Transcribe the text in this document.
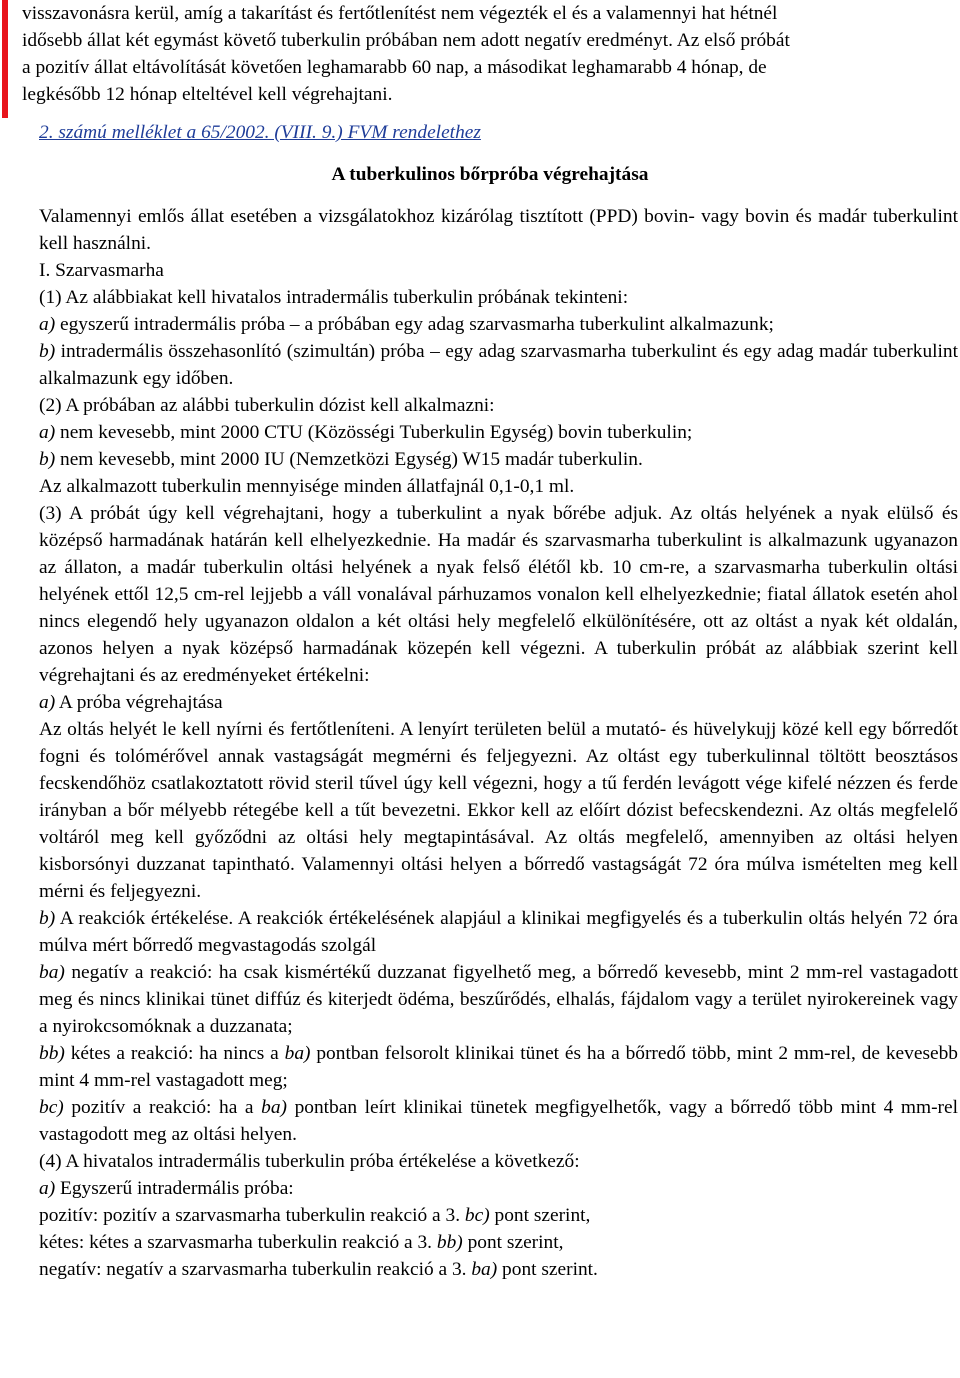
visszavonásra kerül, amíg a takarítást és fertőtlenítést nem végezték el és a valamennyi hat hétnél

idősebb állat két egymást követő tuberkulin próbában nem adott negatív eredményt. Az első próbát

a pozitív állat eltávolítását követően leghamarabb 60 nap, a másodikat leghamarabb 4 hónap, de

legkésőbb 12 hónap elteltével kell végrehajtani.

2. számú melléklet a 65/2002. (VIII. 9.) FVM rendelethez

A tuberkulinos bőrpróba végrehajtása

Valamennyi emlős állat esetében a vizsgálatokhoz kizárólag tisztított (PPD) bovin- vagy bovin és madár tuberkulint kell használni.

I. Szarvasmarha

(1) Az alábbiakat kell hivatalos intradermális tuberkulin próbának tekinteni:

a) egyszerű intradermális próba – a próbában egy adag szarvasmarha tuberkulint alkalmazunk;

b) intradermális összehasonlító (szimultán) próba – egy adag szarvasmarha tuberkulint és egy adag madár tuberkulint alkalmazunk egy időben.

(2) A próbában az alábbi tuberkulin dózist kell alkalmazni:

a) nem kevesebb, mint 2000 CTU (Közösségi Tuberkulin Egység) bovin tuberkulin;

b) nem kevesebb, mint 2000 IU (Nemzetközi Egység) W15 madár tuberkulin.

Az alkalmazott tuberkulin mennyisége minden állatfajnál 0,1-0,1 ml.

(3) A próbát úgy kell végrehajtani, hogy a tuberkulint a nyak bőrébe adjuk. Az oltás helyének a nyak elülső és középső harmadának határán kell elhelyezkednie. Ha madár és szarvasmarha tuberkulint is alkalmazunk ugyanazon az állaton, a madár tuberkulin oltási helyének a nyak felső élétől kb. 10 cm-re, a szarvasmarha tuberkulin oltási helyének ettől 12,5 cm-rel lejjebb a váll vonalával párhuzamos vonalon kell elhelyezkednie; fiatal állatok esetén ahol nincs elegendő hely ugyanazon oldalon a két oltási hely megfelelő elkülönítésére, ott az oltást a nyak két oldalán, azonos helyen a nyak középső harmadának közepén kell végezni. A tuberkulin próbát az alábbiak szerint kell végrehajtani és az eredményeket értékelni:

a) A próba végrehajtása

Az oltás helyét le kell nyírni és fertőtleníteni. A lenyírt területen belül a mutató- és hüvelykujj közé kell egy bőrredőt fogni és tolómérővel annak vastagságát megmérni és feljegyezni. Az oltást egy tuberkulinnal töltött beosztásos fecskendőhöz csatlakoztatott rövid steril tűvel úgy kell végezni, hogy a tű ferdén levágott vége kifelé nézzen és ferde irányban a bőr mélyebb rétegébe kell a tűt bevezetni. Ekkor kell az előírt dózist befecskendezni. Az oltás megfelelő voltáról meg kell győződni az oltási hely megtapintásával. Az oltás megfelelő, amennyiben az oltási helyen kisborsónyi duzzanat tapintható. Valamennyi oltási helyen a bőrredő vastagságát 72 óra múlva ismételten meg kell mérni és feljegyezni.

b) A reakciók értékelése. A reakciók értékelésének alapjául a klinikai megfigyelés és a tuberkulin oltás helyén 72 óra múlva mért bőrredő megvastagodás szolgál

ba) negatív a reakció: ha csak kismértékű duzzanat figyelhető meg, a bőrredő kevesebb, mint 2 mm-rel vastagadott meg és nincs klinikai tünet diffúz és kiterjedt ödéma, beszűrődés, elhalás, fájdalom vagy a terület nyirokereinek vagy a nyirokcsomóknak a duzzanata;

bb) kétes a reakció: ha nincs a ba) pontban felsorolt klinikai tünet és ha a bőrredő több, mint 2 mm-rel, de kevesebb mint 4 mm-rel vastagadott meg;

bc) pozitív a reakció: ha a ba) pontban leírt klinikai tünetek megfigyelhetők, vagy a bőrredő több mint 4 mm-rel vastagodott meg az oltási helyen.

(4) A hivatalos intradermális tuberkulin próba értékelése a következő:

a) Egyszerű intradermális próba:

pozitív: pozitív a szarvasmarha tuberkulin reakció a 3. bc) pont szerint,

kétes: kétes a szarvasmarha tuberkulin reakció a 3. bb) pont szerint,

negatív: negatív a szarvasmarha tuberkulin reakció a 3. ba) pont szerint.
